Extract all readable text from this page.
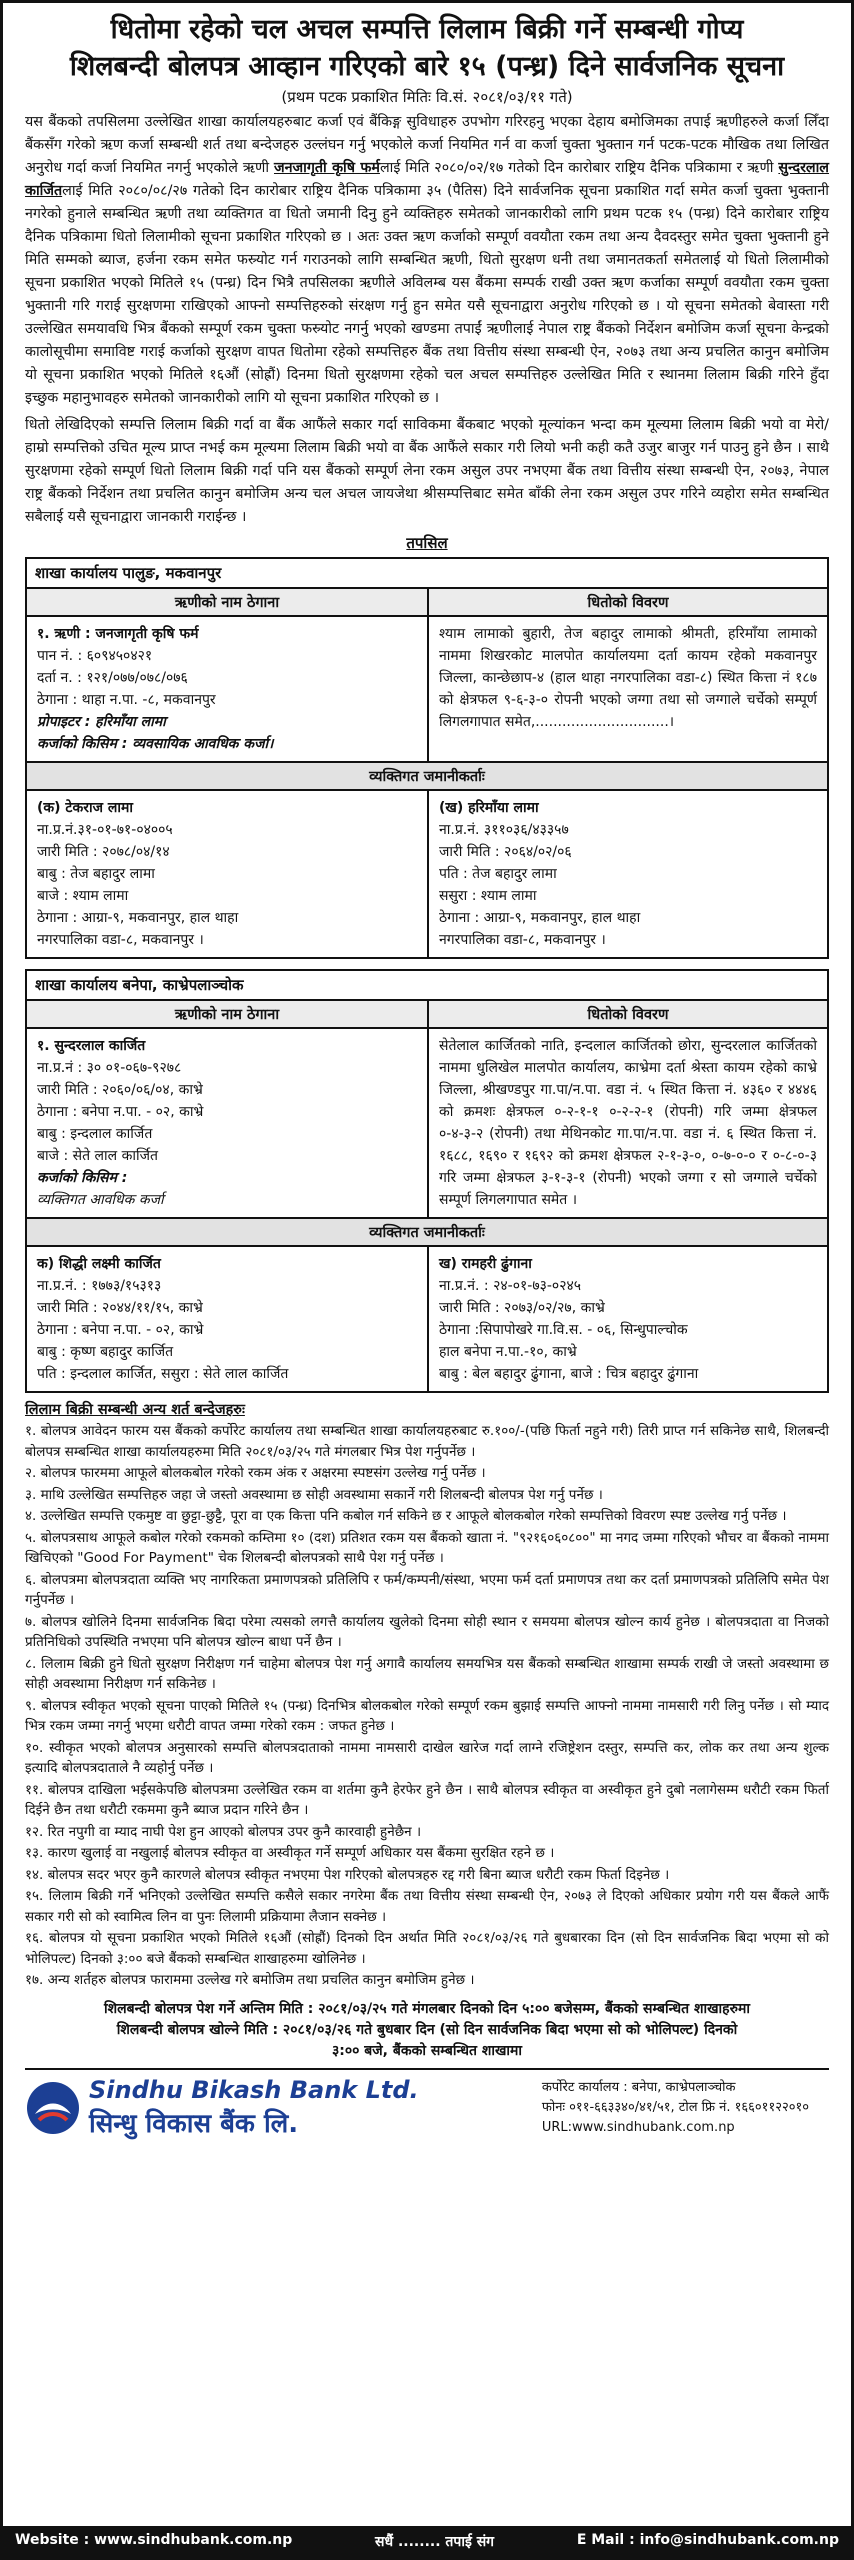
धितोमा रहेको चल अचल सम्पत्ति लिलाम बिक्री गर्ने सम्बन्धी गोप्य
शिलबन्दी बोलपत्र आव्हान गरिएको बारे १५ (पन्ध्र) दिने सार्वजनिक सूचना
(प्रथम पटक प्रकाशित मितिः वि.सं. २०८१/०३/११ गते)

यस बैंकको तपसिलमा उल्लेखित शाखा कार्यालयहरुबाट कर्जा एवं बैंकिङ्ग सुविधाहरु उपभोग गरिरहनु भएका देहाय बमोजिमका तपाई ऋणीहरुले कर्जा लिँदा बैंकसँग गरेको ऋण कर्जा सम्बन्धी शर्त तथा बन्देजहरु उल्लंघन गर्नु भएकोले कर्जा नियमित गर्न वा कर्जा चुक्ता भुक्तान गर्न पटक-पटक मौखिक तथा लिखित अनुरोध गर्दा कर्जा नियमित नगर्नु भएकोले ऋणी जनजागृती कृषि फर्मलाई मिति २०८०/०२/१७ गतेको दिन कारोबार राष्ट्रिय दैनिक पत्रिकामा र ऋणी सुन्दरलाल कार्जितलाई मिति २०८०/०८/२७ गतेको दिन कारोबार राष्ट्रिय दैनिक पत्रिकामा ३५ (पैतिस) दिने सार्वजनिक सूचना प्रकाशित गर्दा समेत कर्जा चुक्ता भुक्तानी नगरेको हुनाले सम्बन्धित ऋणी तथा व्यक्तिगत वा धितो जमानी दिनु हुने व्यक्तिहरु समेतको जानकारीको लागि प्रथम पटक १५ (पन्ध्र) दिने कारोबार राष्ट्रिय दैनिक पत्रिकामा धितो लिलामीको सूचना प्रकाशित गरिएको छ । अतः उक्त ऋण कर्जाको सम्पूर्ण ववयौता रकम तथा अन्य दैवदस्तुर समेत चुक्ता भुक्तानी हुने मिति सम्मको ब्याज, हर्जना रकम समेत फस्र्योट गर्न गराउनको लागि सम्बन्धित ऋणी, धितो सुरक्षण धनी तथा जमानतकर्ता समेतलाई यो धितो लिलामीको सूचना प्रकाशित भएको मितिले १५ (पन्ध्र) दिन भित्रै तपसिलका ऋणीले अविलम्ब यस बैंकमा सम्पर्क राखी उक्त ऋण कर्जाका सम्पूर्ण ववयौता रकम चुक्ता भुक्तानी गरि गराई सुरक्षणमा राखिएको आफ्नो सम्पत्तिहरुको संरक्षण गर्नु हुन समेत यसै सूचनाद्वारा अनुरोध गरिएको छ । यो सूचना समेतको बेवास्ता गरी उल्लेखित समयावधि भित्र बैंकको सम्पूर्ण रकम चुक्ता फस्र्योट नगर्नु भएको खण्डमा तपाईं ऋणीलाई नेपाल राष्ट्र बैंकको निर्देशन बमोजिम कर्जा सूचना केन्द्रको कालोसूचीमा समाविष्ट गराई कर्जाको सुरक्षण वापत धितोमा रहेको सम्पत्तिहरु बैंक तथा वित्तीय संस्था सम्बन्धी ऐन, २०७३ तथा अन्य प्रचलित कानुन बमोजिम यो सूचना प्रकाशित भएको मितिले १६औं (सोह्रौं) दिनमा धितो सुरक्षणमा रहेको चल अचल सम्पत्तिहरु उल्लेखित मिति र स्थानमा लिलाम बिक्री गरिने हुँदा इच्छुक महानुभावहरु समेतको जानकारीको लागि यो सूचना प्रकाशित गरिएको छ ।

धितो लेखिदिएको सम्पत्ति लिलाम बिक्री गर्दा वा बैंक आफैंले सकार गर्दा साविकमा बैंकबाट भएको मूल्यांकन भन्दा कम मूल्यमा लिलाम बिक्री भयो वा मेरो/हाम्रो सम्पत्तिको उचित मूल्य प्राप्त नभई कम मूल्यमा लिलाम बिक्री भयो वा बैंक आफैंले सकार गरी लियो भनी कही कतै उजुर बाजुर गर्न पाउनु हुने छैन । साथै सुरक्षणमा रहेको सम्पूर्ण धितो लिलाम बिक्री गर्दा पनि यस बैंकको सम्पूर्ण लेना रकम असुल उपर नभएमा बैंक तथा वित्तीय संस्था सम्बन्धी ऐन, २०७३, नेपाल राष्ट्र बैंकको निर्देशन तथा प्रचलित कानुन बमोजिम अन्य चल अचल जायजेथा श्रीसम्पत्तिबाट समेत बाँकी लेना रकम असुल उपर गरिने व्यहोरा समेत सम्बन्धित सबैलाई यसै सूचनाद्वारा जानकारी गराईन्छ ।

तपसिल
शाखा कार्यालय पालुङ, मकवानपुर
ऋणीको नाम ठेगाना
१. ऋणी : जनजागृती कृषि फर्म
पान नं. : ६०९४५०४२१
दर्ता न. : १२१/०७७/०७८/०७६
ठेगाना : थाहा न.पा. -८, मकवानपुर
प्रोपाइटर : हरिमाँया लामा
कर्जाको किसिम : व्यवसायिक आवधिक कर्जा।
धितोको विवरण
श्याम लामाको बुहारी, तेज बहादुर लामाको श्रीमती, हरिमाँया लामाको नाममा शिखरकोट मालपोत कार्यालयमा दर्ता कायम रहेको मकवानपुर जिल्ला, कान्छेछाप-४ (हाल थाहा नगरपालिका वडा-८) स्थित कित्ता नं १८७ को क्षेत्रफल ९-६-३-० रोपनी भएको जग्गा तथा सो जग्गाले चर्चेको सम्पूर्ण लिगलगापात समेत,..............................।
व्यक्तिगत जमानीकर्ताः
(क) टेकराज लामा
ना.प्र.नं.३१-०१-७१-०४००५
जारी मिति : २०७८/०४/१४
बाबु : तेज बहादुर लामा
बाजे : श्याम लामा
ठेगाना : आग्रा-९, मकवानपुर, हाल थाहा
नगरपालिका वडा-८, मकवानपुर ।
(ख) हरिमाँया लामा
ना.प्र.नं. ३११०३६/४३३५७
जारी मिति : २०६४/०२/०६
पति : तेज बहादुर लामा
ससुरा : श्याम लामा
ठेगाना : आग्रा-९, मकवानपुर, हाल थाहा
नगरपालिका वडा-८, मकवानपुर ।
शाखा कार्यालय बनेपा, काभ्रेपलाञ्चोक
ऋणीको नाम ठेगाना
१. सुन्दरलाल कार्जित
ना.प्र.नं : ३० ०१-०६७-९२७८
जारी मिति : २०६०/०६/०४, काभ्रे
ठेगाना : बनेपा न.पा. - ०२, काभ्रे
बाबु : इन्दलाल कार्जित
बाजे : सेते लाल कार्जित
कर्जाको किसिम :
व्यक्तिगत आवधिक कर्जा
धितोको विवरण
सेतेलाल कार्जितको नाति, इन्दलाल कार्जितको छोरा, सुन्दरलाल कार्जितको नाममा धुलिखेल मालपोत कार्यालय, काभ्रेमा दर्ता श्रेस्ता कायम रहेको काभ्रे जिल्ला, श्रीखण्डपुर गा.पा/न.पा. वडा नं. ५ स्थित कित्ता नं. ४३६० र ४४४६ को क्रमशः क्षेत्रफल ०-२-१-१ ०-२-२-१ (रोपनी) गरि जम्मा क्षेत्रफल ०-४-३-२ (रोपनी) तथा मेथिनकोट गा.पा/न.पा. वडा नं. ६ स्थित कित्ता नं. १६८८, १६९० र १६९२ को क्रमश क्षेत्रफल २-१-३-०, ०-७-०-० र ०-८-०-३ गरि जम्मा क्षेत्रफल ३-१-३-१ (रोपनी) भएको जग्गा र सो जग्गाले चर्चेको सम्पूर्ण लिगलगापात समेत ।
व्यक्तिगत जमानीकर्ताः
क) शिद्धी लक्ष्मी कार्जित
ना.प्र.नं. : १७७३/१५३१३
जारी मिति : २०४४/११/१५, काभ्रे
ठेगाना : बनेपा न.पा. - ०२, काभ्रे
बाबु : कृष्ण बहादुर कार्जित
पति : इन्दलाल कार्जित, ससुरा : सेते लाल कार्जित
ख) रामहरी ढुंगाना
ना.प्र.नं. : २४-०१-७३-०२४५
जारी मिति : २०७३/०२/२७, काभ्रे
ठेगाना :सिपापोखरे गा.वि.स. - ०६, सिन्धुपाल्चोक
हाल बनेपा न.पा.-१०, काभ्रे
बाबु : बेल बहादुर ढुंगाना, बाजे : चित्र बहादुर ढुंगाना
लिलाम बिक्री सम्बन्धी अन्य शर्त बन्देजहरुः
१. बोलपत्र आवेदन फारम यस बैंकको कर्पोरेट कार्यालय तथा सम्बन्धित शाखा कार्यालयहरुबाट रु.१००/-(पछि फिर्ता नहुने गरी) तिरी प्राप्त गर्न सकिनेछ साथै, शिलबन्दी बोलपत्र सम्बन्धित शाखा कार्यालयहरुमा मिति २०८१/०३/२५ गते मंगलबार भित्र पेश गर्नुपर्नेछ ।
२. बोलपत्र फारममा आफूले बोलकबोल गरेको रकम अंक र अक्षरमा स्पष्टसंग उल्लेख गर्नु पर्नेछ ।
३. माथि उल्लेखित सम्पत्तिहरु जहा जे जस्तो अवस्थामा छ सोही अवस्थामा सकार्ने गरी शिलबन्दी बोलपत्र पेश गर्नु पर्नेछ ।
४. उल्लेखित सम्पत्ति एकमुष्ट वा छुट्टा-छुट्टै, पूरा वा एक कित्ता पनि कबोल गर्न सकिने छ र आफूले बोलकबोल गरेको सम्पत्तिको विवरण स्पष्ट उल्लेख गर्नु पर्नेछ ।
५. बोलपत्रसाथ आफूले कबोल गरेको रकमको कम्तिमा १० (दश) प्रतिशत रकम यस बैंकको खाता नं. "९२१६०६०८००" मा नगद जम्मा गरिएको भौचर वा बैंकको नाममा खिचिएको "Good For Payment" चेक शिलबन्दी बोलपत्रको साथै पेश गर्नु पर्नेछ ।
६. बोलपत्रमा बोलपत्रदाता व्यक्ति भए नागरिकता प्रमाणपत्रको प्रतिलिपि र फर्म/कम्पनी/संस्था, भएमा फर्म दर्ता प्रमाणपत्र तथा कर दर्ता प्रमाणपत्रको प्रतिलिपि समेत पेश गर्नुपर्नेछ ।
७. बोलपत्र खोलिने दिनमा सार्वजनिक बिदा परेमा त्यसको लगत्तै कार्यालय खुलेको दिनमा सोही स्थान र समयमा बोलपत्र खोल्न कार्य हुनेछ । बोलपत्रदाता वा निजको प्रतिनिधिको उपस्थिति नभएमा पनि बोलपत्र खोल्न बाधा पर्ने छैन ।
८. लिलाम बिक्री हुने धितो सुरक्षण निरीक्षण गर्न चाहेमा बोलपत्र पेश गर्नु अगावै कार्यालय समयभित्र यस बैंकको सम्बन्धित शाखामा सम्पर्क राखी जे जस्तो अवस्थामा छ सोही अवस्थामा निरीक्षण गर्न सकिनेछ ।
९. बोलपत्र स्वीकृत भएको सूचना पाएको मितिले १५ (पन्ध्र) दिनभित्र बोलकबोल गरेको सम्पूर्ण रकम बुझाई सम्पत्ति आफ्नो नाममा नामसारी गरी लिनु पर्नेछ । सो म्याद भित्र रकम जम्मा नगर्नु भएमा धरौटी वापत जम्मा गरेको रकम : जफत हुनेछ ।
१०. स्वीकृत भएको बोलपत्र अनुसारको सम्पत्ति बोलपत्रदाताको नाममा नामसारी दाखेल खारेज गर्दा लाग्ने रजिष्ट्रेशन दस्तुर, सम्पत्ति कर, लोक कर तथा अन्य शुल्क इत्यादि बोलपत्रदाताले नै व्यहोर्नु पर्नेछ ।
११. बोलपत्र दाखिला भईसकेपछि बोलपत्रमा उल्लेखित रकम वा शर्तमा कुनै हेरफेर हुने छैन । साथै बोलपत्र स्वीकृत वा अस्वीकृत हुने दुबो नलागेसम्म धरौटी रकम फिर्ता दिईने छैन तथा धरौटी रकममा कुनै ब्याज प्रदान गरिने छैन ।
१२. रित नपुगी वा म्याद नाघी पेश हुन आएको बोलपत्र उपर कुनै कारवाही हुनेछैन ।
१३. कारण खुलाई वा नखुलाई बोलपत्र स्वीकृत वा अस्वीकृत गर्ने सम्पूर्ण अधिकार यस बैंकमा सुरक्षित रहने छ ।
१४. बोलपत्र सदर भएर कुनै कारणले बोलपत्र स्वीकृत नभएमा पेश गरिएको बोलपत्रहरु रद्द गरी बिना ब्याज धरौटी रकम फिर्ता दिइनेछ ।
१५. लिलाम बिक्री गर्ने भनिएको उल्लेखित सम्पत्ति कसैले सकार नगरेमा बैंक तथा वित्तीय संस्था सम्बन्धी ऐन, २०७३ ले दिएको अधिकार प्रयोग गरी यस बैंकले आफैं सकार गरी सो को स्वामित्व लिन वा पुनः लिलामी प्रक्रियामा लैजान सक्नेछ ।
१६. बोलपत्र यो सूचना प्रकाशित भएको मितिले १६औं (सोह्रौं) दिनको दिन अर्थात मिति २०८१/०३/२६ गते बुधबारका दिन (सो दिन सार्वजनिक बिदा भएमा सो को भोलिपल्ट) दिनको ३:०० बजे बैंकको सम्बन्धित शाखाहरुमा खोलिनेछ ।
१७. अन्य शर्तहरु बोलपत्र फाराममा उल्लेख गरे बमोजिम तथा प्रचलित कानुन बमोजिम हुनेछ ।
शिलबन्दी बोलपत्र पेश गर्ने अन्तिम मिति : २०८१/०३/२५ गते मंगलबार दिनको दिन ५:०० बजेसम्म, बैंकको सम्बन्धित शाखाहरुमा
शिलबन्दी बोलपत्र खोल्ने मिति : २०८१/०३/२६ गते बुधबार दिन (सो दिन सार्वजनिक बिदा भएमा सो को भोलिपल्ट) दिनको
३:०० बजे, बैंकको सम्बन्धित शाखामा
Sindhu Bikash Bank Ltd.
सिन्धु विकास बैंक लि.
कर्पोरेट कार्यालय : बनेपा, काभ्रेपलाञ्चोक
फोनः ०११-६६३३४०/४१/५१, टोल फ्रि नं. १६६०११२२०१०
URL:www.sindhubank.com.np
Website : www.sindhubank.com.np	सधैं ........ तपाई संग	E Mail : info@sindhubank.com.np
